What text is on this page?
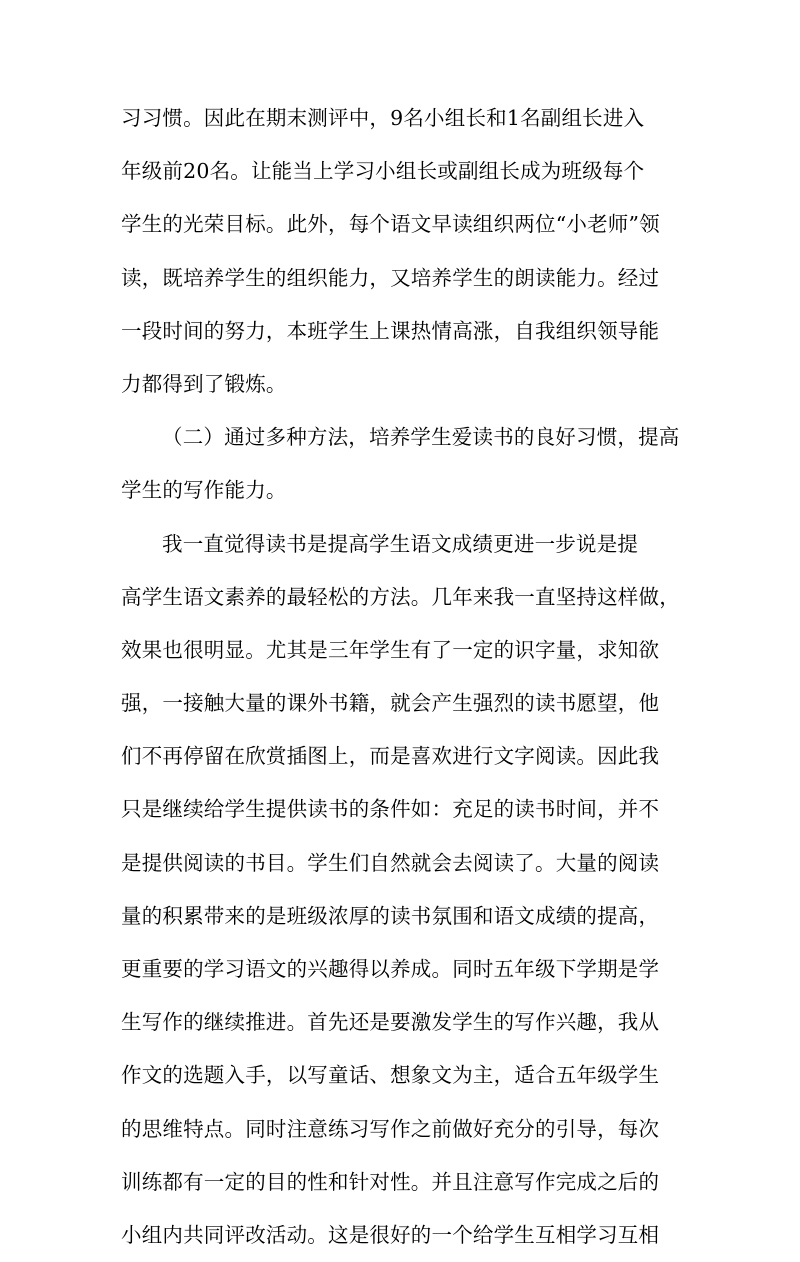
习习惯。因此在期末测评中，9名小组长和1名副组长进入
年级前20名。让能当上学习小组长或副组长成为班级每个
学生的光荣目标。此外，每个语文早读组织两位“小老师”领
读，既培养学生的组织能力，又培养学生的朗读能力。经过
一段时间的努力，本班学生上课热情高涨，自我组织领导能
力都得到了锻炼。
（二）通过多种方法，培养学生爱读书的良好习惯，提高
学生的写作能力。
我一直觉得读书是提高学生语文成绩更进一步说是提
高学生语文素养的最轻松的方法。几年来我一直坚持这样做，
效果也很明显。尤其是三年学生有了一定的识字量，求知欲
强，一接触大量的课外书籍，就会产生强烈的读书愿望，他
们不再停留在欣赏插图上，而是喜欢进行文字阅读。因此我
只是继续给学生提供读书的条件如：充足的读书时间，并不
是提供阅读的书目。学生们自然就会去阅读了。大量的阅读
量的积累带来的是班级浓厚的读书氛围和语文成绩的提高，
更重要的学习语文的兴趣得以养成。同时五年级下学期是学
生写作的继续推进。首先还是要激发学生的写作兴趣，我从
作文的选题入手，以写童话、想象文为主，适合五年级学生
的思维特点。同时注意练习写作之前做好充分的引导，每次
训练都有一定的目的性和针对性。并且注意写作完成之后的
小组内共同评改活动。这是很好的一个给学生互相学习互相
